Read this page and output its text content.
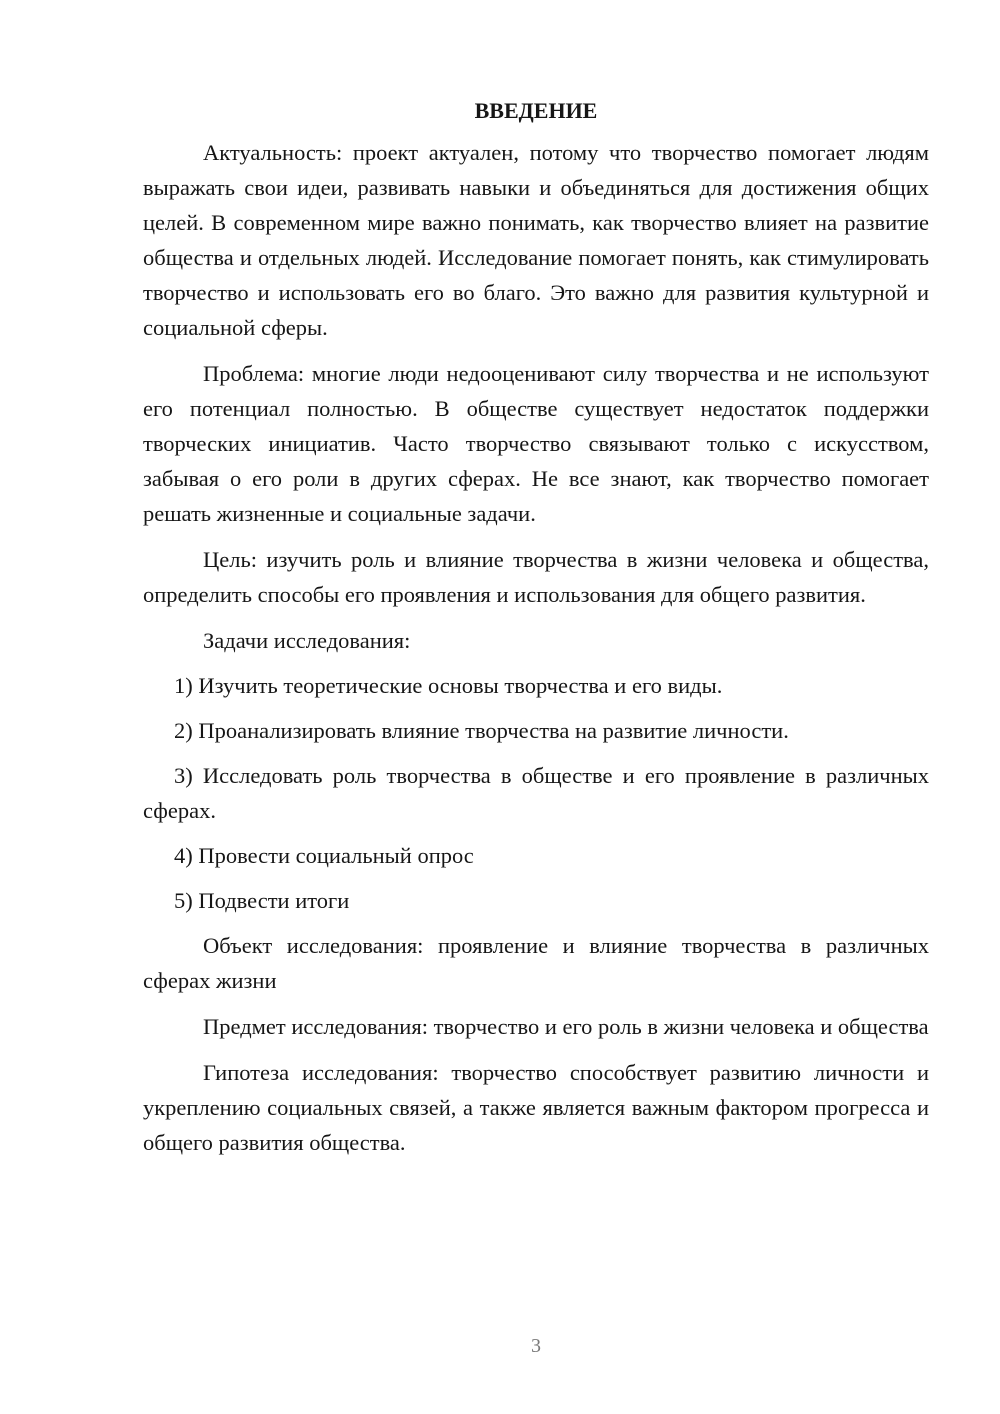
ВВЕДЕНИЕ

Актуальность: проект актуален, потому что творчество помогает людям выражать свои идеи, развивать навыки и объединяться для достижения общих целей. В современном мире важно понимать, как творчество влияет на развитие общества и отдельных людей. Исследование помогает понять, как стимулировать творчество и использовать его во благо. Это важно для развития культурной и социальной сферы.

Проблема: многие люди недооценивают силу творчества и не используют его потенциал полностью. В обществе существует недостаток поддержки творческих инициатив. Часто творчество связывают только с искусством, забывая о его роли в других сферах. Не все знают, как творчество помогает решать жизненные и социальные задачи.

Цель: изучить роль и влияние творчества в жизни человека и общества, определить способы его проявления и использования для общего развития.

Задачи исследования:

1) Изучить теоретические основы творчества и его виды.

2) Проанализировать влияние творчества на развитие личности.

3) Исследовать роль творчества в обществе и его проявление в различных сферах.

4) Провести социальный опрос

5) Подвести итоги

Объект исследования: проявление и влияние творчества в различных сферах жизни

Предмет исследования: творчество и его роль в жизни человека и общества

Гипотеза исследования: творчество способствует развитию личности и укреплению социальных связей, а также является важным фактором прогресса и общего развития общества.

3
